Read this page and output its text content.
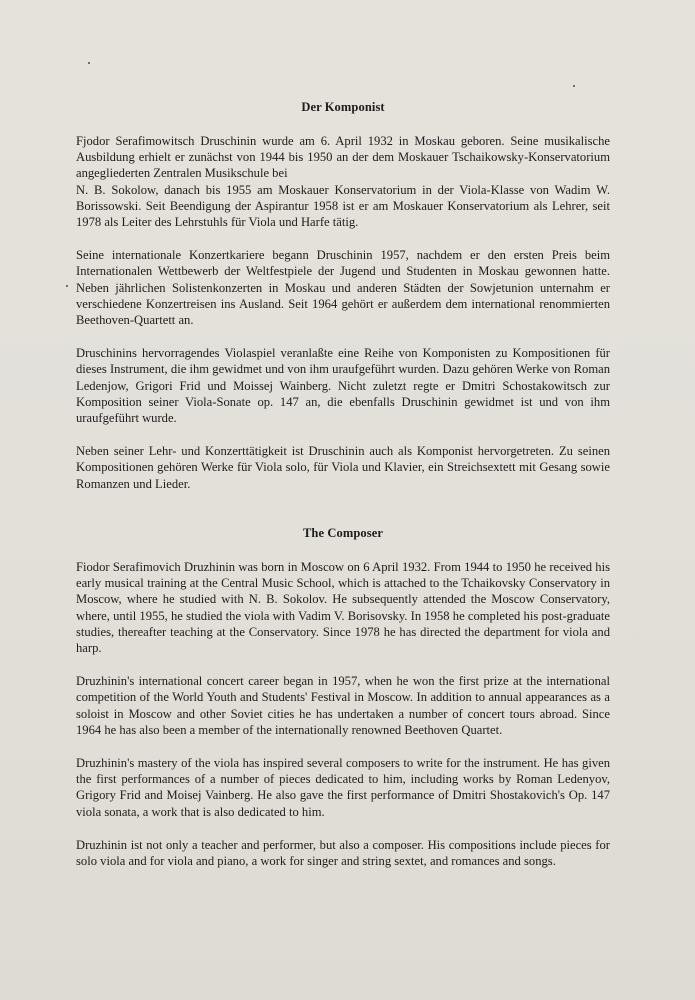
Der Komponist

Fjodor Serafimowitsch Druschinin wurde am 6. April 1932 in Moskau geboren. Seine musikalische Ausbildung erhielt er zunächst von 1944 bis 1950 an der dem Moskauer Tschaikowsky-Konservatorium angegliederten Zentralen Musikschule bei
N. B. Sokolow, danach bis 1955 am Moskauer Konservatorium in der Viola-Klasse von Wadim W. Borissowski. Seit Beendigung der Aspirantur 1958 ist er am Moskauer Konservatorium als Lehrer, seit 1978 als Leiter des Lehrstuhls für Viola und Harfe tätig.

Seine internationale Konzertkariere begann Druschinin 1957, nachdem er den ersten Preis beim Internationalen Wettbewerb der Weltfestpiele der Jugend und Studenten in Moskau gewonnen hatte. Neben jährlichen Solistenkonzerten in Moskau und anderen Städten der Sowjetunion unternahm er verschiedene Konzertreisen ins Ausland. Seit 1964 gehört er außerdem dem international renommierten Beethoven-Quartett an.

Druschinins hervorragendes Violaspiel veranlaßte eine Reihe von Komponisten zu Kompositionen für dieses Instrument, die ihm gewidmet und von ihm uraufgeführt wurden. Dazu gehören Werke von Roman Ledenjow, Grigori Frid und Moissej Wainberg. Nicht zuletzt regte er Dmitri Schostakowitsch zur Komposition seiner Viola-Sonate op. 147 an, die ebenfalls Druschinin gewidmet ist und von ihm uraufgeführt wurde.

Neben seiner Lehr- und Konzerttätigkeit ist Druschinin auch als Komponist hervorgetreten. Zu seinen Kompositionen gehören Werke für Viola solo, für Viola und Klavier, ein Streichsextett mit Gesang sowie Romanzen und Lieder.

The Composer

Fiodor Serafimovich Druzhinin was born in Moscow on 6 April 1932. From 1944 to 1950 he received his early musical training at the Central Music School, which is attached to the Tchaikovsky Conservatory in Moscow, where he studied with N. B. Sokolov. He subsequently attended the Moscow Conservatory, where, until 1955, he studied the viola with Vadim V. Borisovsky. In 1958 he completed his post-graduate studies, thereafter teaching at the Conservatory. Since 1978 he has directed the department for viola and harp.

Druzhinin's international concert career began in 1957, when he won the first prize at the international competition of the World Youth and Students' Festival in Moscow. In addition to annual appearances as a soloist in Moscow and other Soviet cities he has undertaken a number of concert tours abroad. Since 1964 he has also been a member of the internationally renowned Beethoven Quartet.

Druzhinin's mastery of the viola has inspired several composers to write for the instrument. He has given the first performances of a number of pieces dedicated to him, including works by Roman Ledenyov, Grigory Frid and Moisej Vainberg. He also gave the first performance of Dmitri Shostakovich's Op. 147 viola sonata, a work that is also dedicated to him.

Druzhinin ist not only a teacher and performer, but also a composer. His compositions include pieces for solo viola and for viola and piano, a work for singer and string sextet, and romances and songs.
